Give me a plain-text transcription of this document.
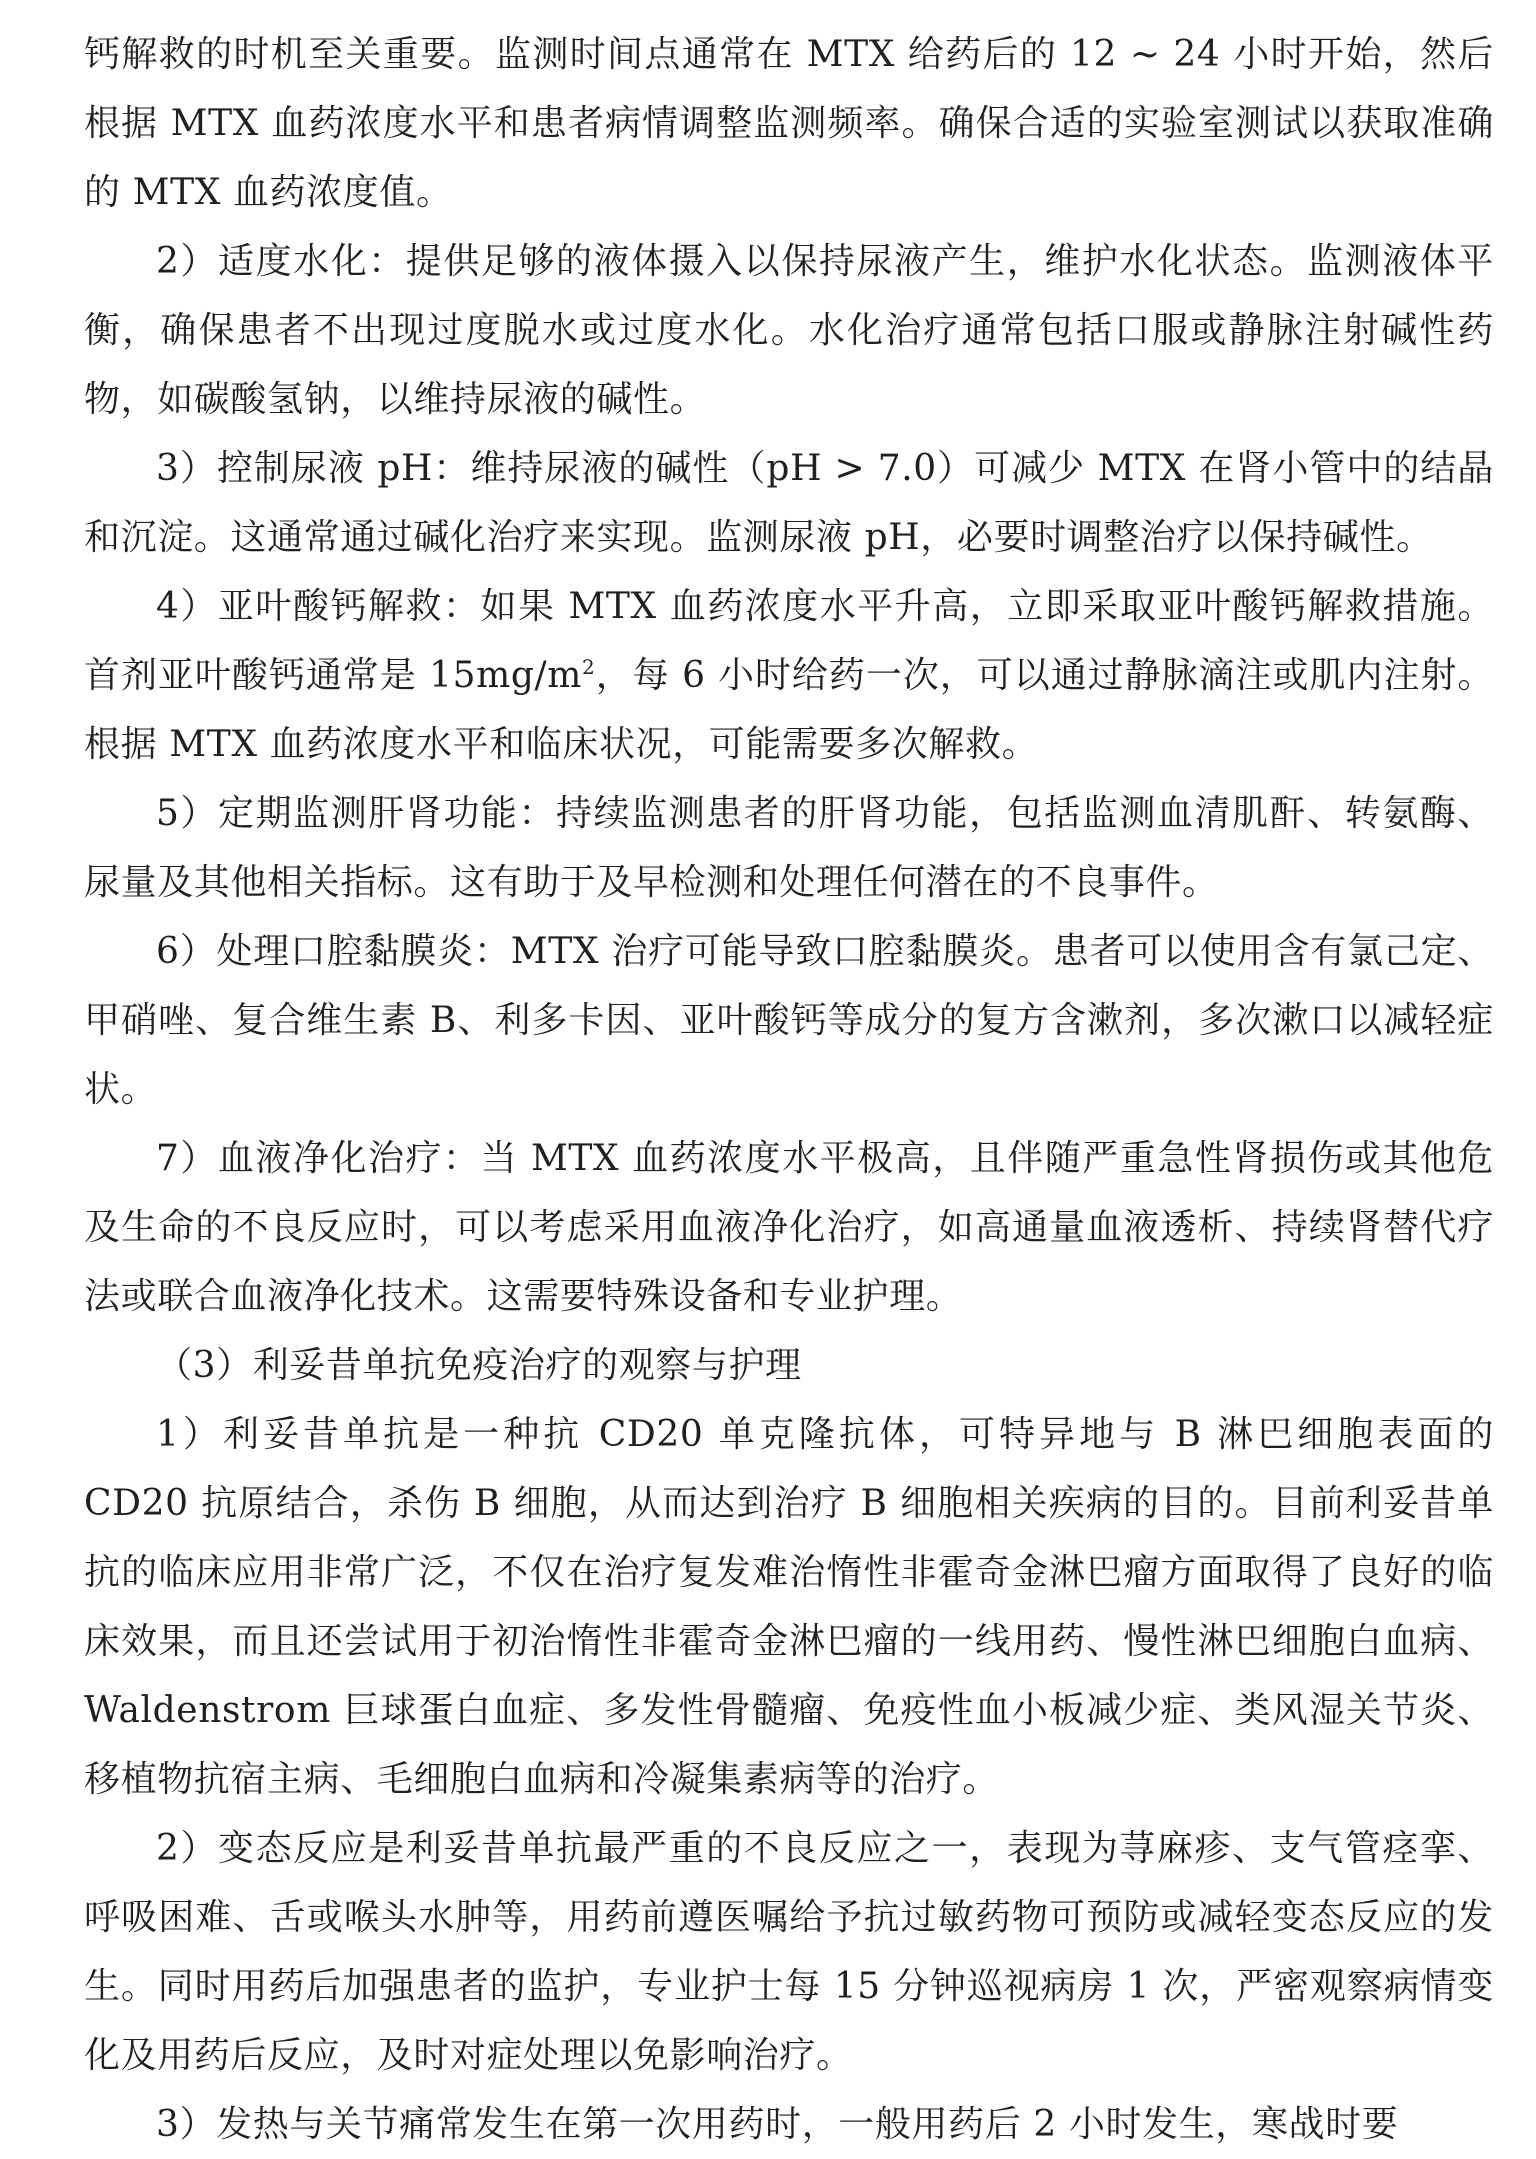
钙解救的时机至关重要。监测时间点通常在 MTX 给药后的 12 ~ 24 小时开始，然后根据 MTX 血药浓度水平和患者病情调整监测频率。确保合适的实验室测试以获取准确的 MTX 血药浓度值。

2）适度水化：提供足够的液体摄入以保持尿液产生，维护水化状态。监测液体平衡，确保患者不出现过度脱水或过度水化。水化治疗通常包括口服或静脉注射碱性药物，如碳酸氢钠，以维持尿液的碱性。

3）控制尿液 pH：维持尿液的碱性（pH > 7.0）可减少 MTX 在肾小管中的结晶和沉淀。这通常通过碱化治疗来实现。监测尿液 pH，必要时调整治疗以保持碱性。

4）亚叶酸钙解救：如果 MTX 血药浓度水平升高，立即采取亚叶酸钙解救措施。首剂亚叶酸钙通常是 $15mg/m^2$，每 6 小时给药一次，可以通过静脉滴注或肌内注射。根据 MTX 血药浓度水平和临床状况，可能需要多次解救。

5）定期监测肝肾功能：持续监测患者的肝肾功能，包括监测血清肌酐、转氨酶、尿量及其他相关指标。这有助于及早检测和处理任何潜在的不良事件。

6）处理口腔黏膜炎：MTX 治疗可能导致口腔黏膜炎。患者可以使用含有氯己定、甲硝唑、复合维生素 B、利多卡因、亚叶酸钙等成分的复方含漱剂，多次漱口以减轻症状。

7）血液净化治疗：当 MTX 血药浓度水平极高，且伴随严重急性肾损伤或其他危及生命的不良反应时，可以考虑采用血液净化治疗，如高通量血液透析、持续肾替代疗法或联合血液净化技术。这需要特殊设备和专业护理。

（3）利妥昔单抗免疫治疗的观察与护理

1）利妥昔单抗是一种抗 CD20 单克隆抗体，可特异地与 B 淋巴细胞表面的 CD20 抗原结合，杀伤 B 细胞，从而达到治疗 B 细胞相关疾病的目的。目前利妥昔单抗的临床应用非常广泛，不仅在治疗复发难治惰性非霍奇金淋巴瘤方面取得了良好的临床效果，而且还尝试用于初治惰性非霍奇金淋巴瘤的一线用药、慢性淋巴细胞白血病、Waldenstrom 巨球蛋白血症、多发性骨髓瘤、免疫性血小板减少症、类风湿关节炎、移植物抗宿主病、毛细胞白血病和冷凝集素病等的治疗。

2）变态反应是利妥昔单抗最严重的不良反应之一，表现为荨麻疹、支气管痉挛、呼吸困难、舌或喉头水肿等，用药前遵医嘱给予抗过敏药物可预防或减轻变态反应的发生。同时用药后加强患者的监护，专业护士每 15 分钟巡视病房 1 次，严密观察病情变化及用药后反应，及时对症处理以免影响治疗。

3）发热与关节痛常发生在第一次用药时，一般用药后 2 小时发生，寒战时要
